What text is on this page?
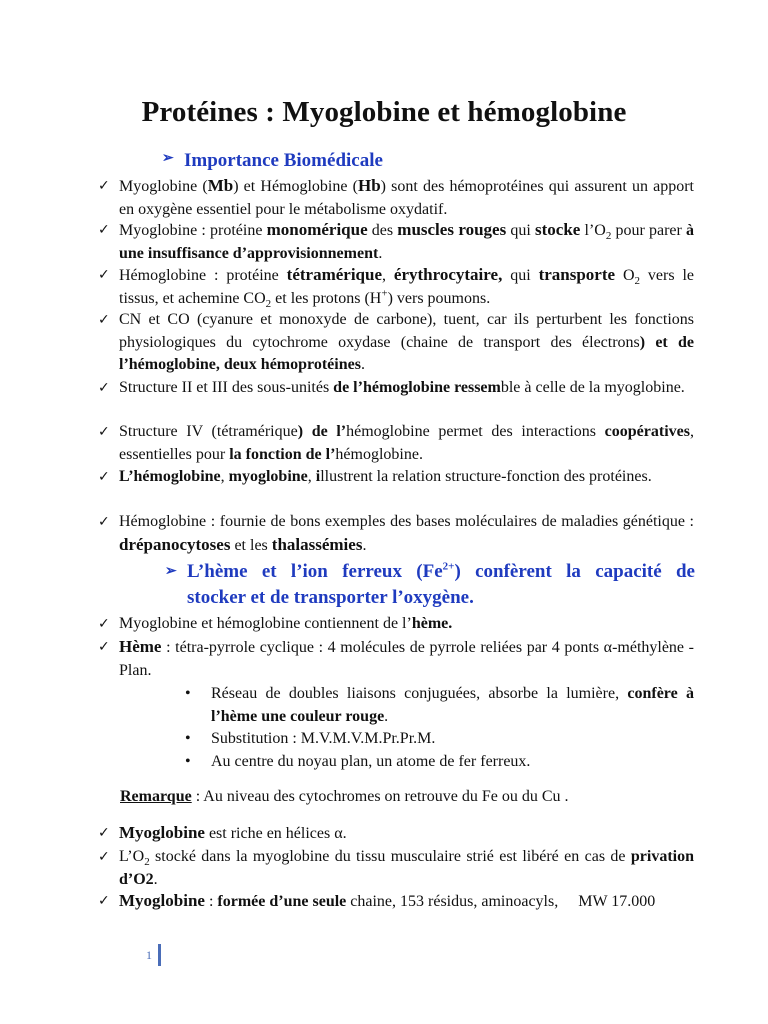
Protéines : Myoglobine et hémoglobine
➢ Importance Biomédicale
✓ Myoglobine (Mb) et Hémoglobine (Hb) sont des hémoprotéines qui assurent un apport en oxygène essentiel pour le métabolisme oxydatif.
✓ Myoglobine : protéine monomérique des muscles rouges qui stocke $l’O_2$ pour parer à une insuffisance d’approvisionnement.
✓ Hémoglobine : protéine tétramérique, érythrocytaire, qui transporte $O_2$ vers le tissus, et achemine $CO_2$ et les protons (H+) vers poumons.
✓ CN et CO (cyanure et monoxyde de carbone), tuent, car ils perturbent les fonctions physiologiques du cytochrome oxydase (chaine de transport des électrons) et de l’hémoglobine, deux hémoprotéines.
✓ Structure II et III des sous-unités de l’hémoglobine ressemble à celle de la myoglobine.
✓ Structure IV (tétramérique) de l’hémoglobine permet des interactions coopératives, essentielles pour la fonction de l’hémoglobine.
✓ L’hémoglobine, myoglobine, illustrent la relation structure-fonction des protéines.
✓ Hémoglobine : fournie de bons exemples des bases moléculaires de maladies génétique : drépanocytoses et les thalassémies.
➢ L’hème et l’ion ferreux $(Fe^{2+})$ confèrent la capacité de
stocker et de transporter l’oxygène.
✓ Myoglobine et hémoglobine contiennent de l’hème.
✓ Hème : tétra-pyrrole cyclique : 4 molécules de pyrrole reliées par 4 ponts α-méthylène - Plan.
• Réseau de doubles liaisons conjuguées, absorbe la lumière, confère à l’hème une couleur rouge.
• Substitution : M.V.M.V.M.Pr.Pr.M.
• Au centre du noyau plan, un atome de fer ferreux.
Remarque : Au niveau des cytochromes on retrouve du Fe ou du Cu .
✓ Myoglobine est riche en hélices α.
✓ $L’O_2$ stocké dans la myoglobine du tissu musculaire strié est libéré en cas de privation d’O2.
✓ Myoglobine : formée d’une seule chaine, 153 résidus, aminoacyls,     MW 17.000
1
